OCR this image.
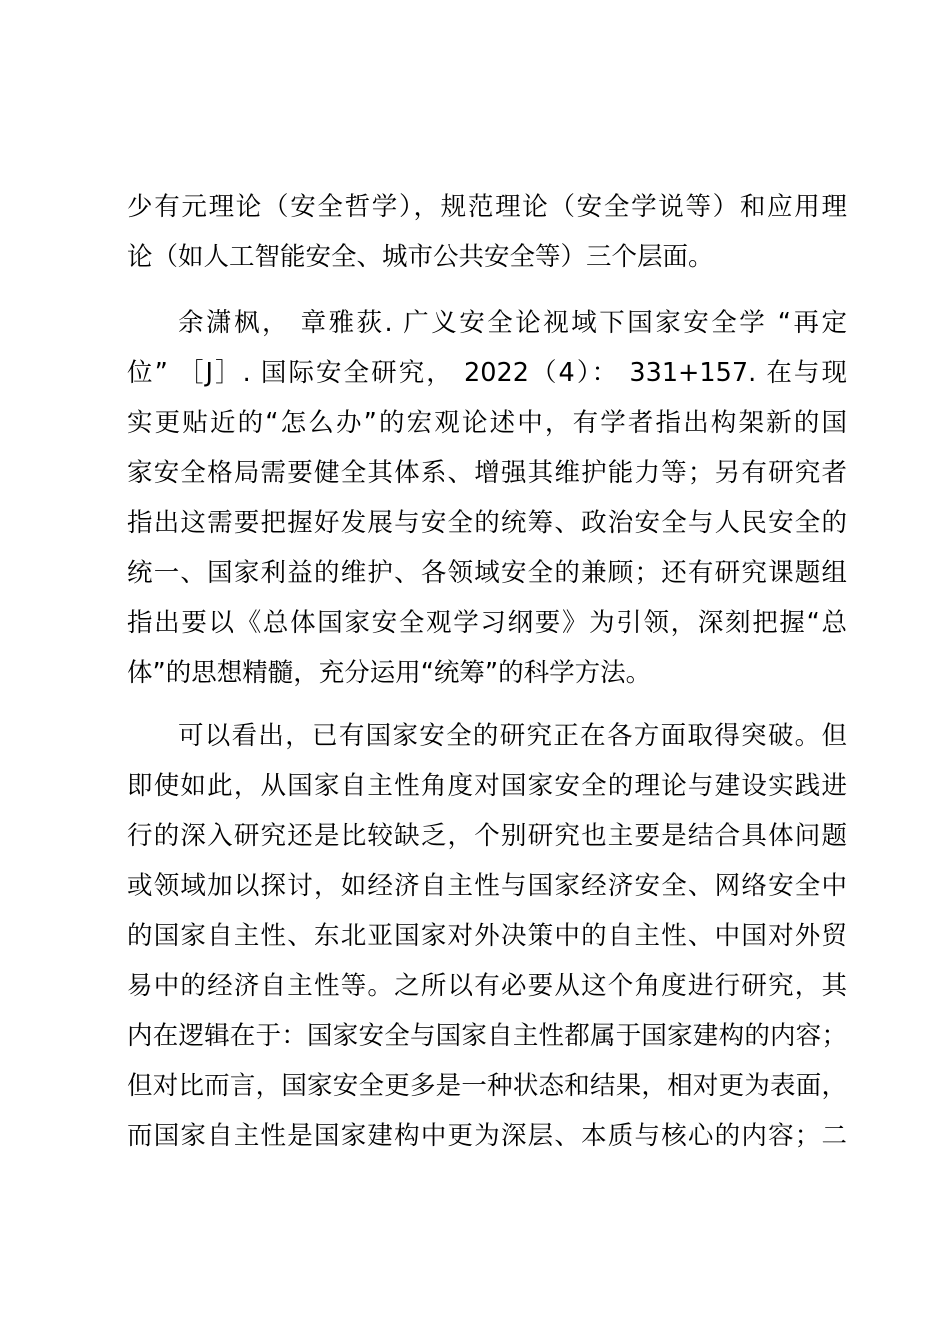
少有元理论（安全哲学），规范理论（安全学说等）和应用理
论（如人工智能安全、城市公共安全等）三个层面。
余潇枫， 章雅荻. 广义安全论视域下国家安全学 “再定
位” ［J］. 国际安全研究， 2022（4）： 331+157. 在与现
实更贴近的“怎么办”的宏观论述中，有学者指出构架新的国
家安全格局需要健全其体系、增强其维护能力等；另有研究者
指出这需要把握好发展与安全的统筹、政治安全与人民安全的
统一、国家利益的维护、各领域安全的兼顾；还有研究课题组
指出要以《总体国家安全观学习纲要》为引领，深刻把握“总
体”的思想精髓，充分运用“统筹”的科学方法。
可以看出，已有国家安全的研究正在各方面取得突破。但
即使如此，从国家自主性角度对国家安全的理论与建设实践进
行的深入研究还是比较缺乏，个别研究也主要是结合具体问题
或领域加以探讨，如经济自主性与国家经济安全、网络安全中
的国家自主性、东北亚国家对外决策中的自主性、中国对外贸
易中的经济自主性等。之所以有必要从这个角度进行研究，其
内在逻辑在于：国家安全与国家自主性都属于国家建构的内容；
但对比而言，国家安全更多是一种状态和结果，相对更为表面，
而国家自主性是国家建构中更为深层、本质与核心的内容；二
